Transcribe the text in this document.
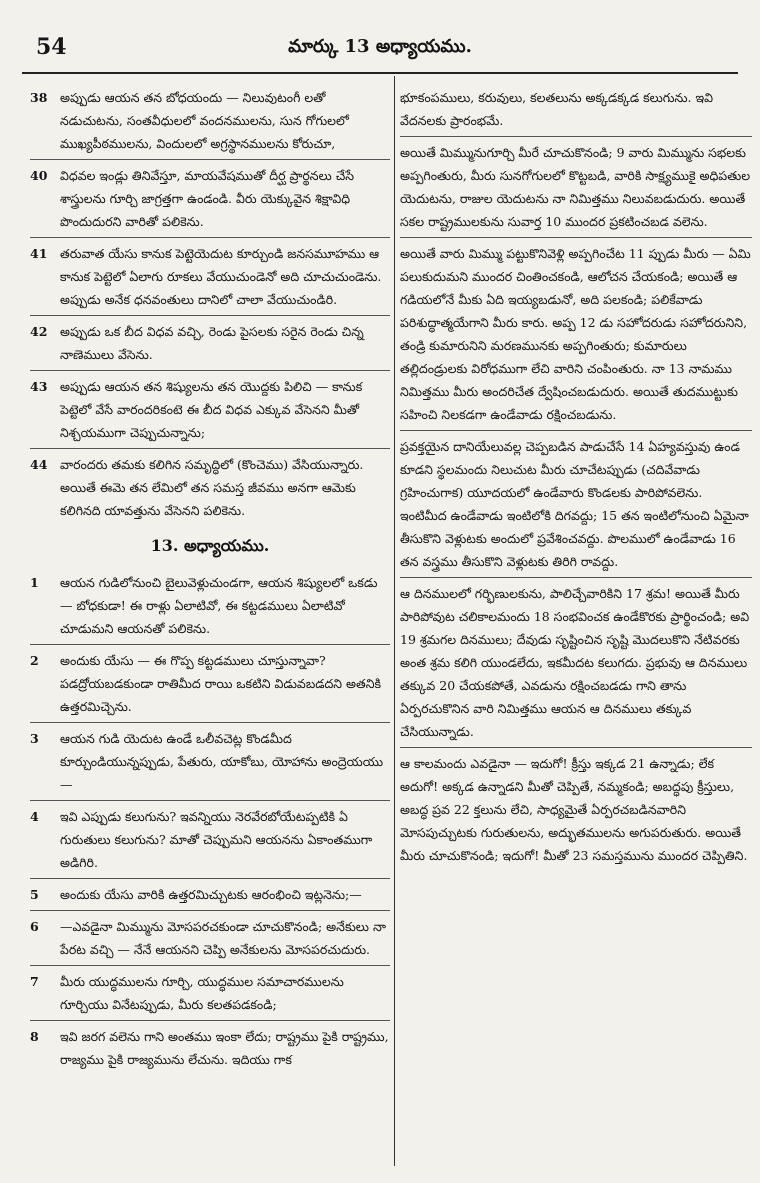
54	మార్కు 13 అధ్యాయము.
38	అప్పుడు ఆయన తన బోధయందు — నిలువుటంగీ లతో నడుచుటను, సంతవీధులలో వందనములను, సున గోగులలో ముఖ్యపీఠములను, విందులలో అగ్రస్థానములను కోరుచూ,
40	విధవల ఇండ్లు తినివేస్తూ, మాయవేషముతో దీర్ఘ ప్రార్థనలు చేసే శాస్త్రులను గూర్చి జాగ్రత్తగా ఉండండి. వీరు యెక్కువైన శిక్షావిధి పొందుదురని వారితో పలికెను.
41	తరువాత యేసు కానుక పెట్టెయెదుట కూర్చుండి జనసమూహము ఆ కానుక పెట్టెలో ఏలాగు రూకలు వేయుచుండెనో అది చూచుచుండెను. అప్పుడు అనేక ధనవంతులు దానిలో చాలా వేయుచుండిరి.
42	అప్పుడు ఒక బీద విధవ వచ్చి, రెండు పైసలకు సరైన రెండు చిన్న నాణెములు వేసెను.
43	అప్పుడు ఆయన తన శిష్యులను తన యొద్దకు పిలిచి — కానుక పెట్టెలో వేసే వారందరికంటె ఈ బీద విధవ ఎక్కువ వేసెనని మీతో నిశ్చయముగా చెప్పుచున్నాను;
44	వారందరు తమకు కలిగిన సమృద్ధిలో (కొంచెము) వేసియున్నారు. అయితే ఈమె తన లేమిలో తన సమస్త జీవము అనగా ఆమెకు కలిగినది యావత్తును వేసెనని పలికెను.
13. అధ్యాయము.
1	ఆయన గుడిలోనుంచి బైలువెళ్లుచుండగా, ఆయన శిష్యులలో ఒకడు — బోధకుడా! ఈ రాళ్లు ఏలాటివో, ఈ కట్టడములు ఏలాటివో చూడుమని ఆయనతో పలికెను.
2	అందుకు యేసు — ఈ గొప్ప కట్టడములు చూస్తున్నావా? పడద్రోయబడకుండా రాతిమీద రాయి ఒకటిని విడువబడదని అతనికి ఉత్తరమిచ్చెను.
3	ఆయన గుడి యెదుట ఉండే ఒలీవచెట్ల కొండమీద కూర్చుండియున్నప్పుడు, పేతురు, యాకోబు, యోహాను అంద్రెయయు —
4	ఇవి ఎప్పుడు కలుగును? ఇవన్నియు నెరవేరబోయేటప్పటికి ఏ గురుతులు కలుగును? మాతో చెప్పుమని ఆయనను ఏకాంతముగా అడిగిరి.
5	అందుకు యేసు వారికి ఉత్తరమిచ్చుటకు ఆరంభించి ఇట్లనెను;—
6	—ఎవడైనా మిమ్మును మోసపరచకుండా చూచుకొనండి; అనేకులు నా పేరట వచ్చి — నేనే ఆయనని చెప్పి అనేకులను మోసపరచుదురు.
7	మీరు యుద్ధములను గూర్చి, యుద్ధముల సమాచారములను గూర్చియు వినేటప్పుడు, మీరు కలతపడకండి;
8	ఇవి జరగ వలెను గాని అంతము ఇంకా లేదు; రాష్ట్రము పైకి రాష్ట్రము, రాజ్యము పైకి రాజ్యమును లేచును. ఇదియు గాక
భూకంపములు, కరువులు, కలతలును అక్కడక్కడ కలుగును. ఇవి వేదనలకు ప్రారంభమే.
అయితే మిమ్మునుగూర్చి మీరే చూచుకొనండి; 9 వారు మిమ్మును సభలకు అప్పగింతురు, మీరు సునగోగులలో కొట్టబడి, వారికి సాక్ష్యముకై అధిపతుల యెదుటను, రాజుల యెదుటను నా నిమిత్తము నిలువబడుదురు. అయితే సకల రాష్ట్రములకును సువార్త 10 ముందర ప్రకటించబడ వలెను.
అయితే వారు మిమ్ము పట్టుకొనివెళ్లి అప్పగించేట 11 ప్పుడు మీరు — ఏమి పలుకుదుమని ముందర చింతించకండి, ఆలోచన చేయకండి; అయితే ఆ గడియలోనే మీకు ఏది ఇయ్యబడునో, అది పలకండి; పలికేవాడు పరిశుద్ధాత్మయేగాని మీరు కారు. అప్ప 12 డు సహోదరుడు సహోదరునిని, తండ్రి కుమారునిని మరణమునకు అప్పగింతురు; కుమారులు తల్లిదండ్రులకు విరోధముగా లేచి వారిని చంపింతురు. నా 13 నామము నిమిత్తము మీరు అందరిచేత ద్వేషించబడుదురు. అయితే తుదముట్టుకు సహించి నిలకడగా ఉండేవాడు రక్షించబడును.
ప్రవక్తయైన దానియేలువల్ల చెప్పబడిన పాడుచేసే 14 ఏహ్యవస్తువు ఉండ కూడని స్థలమందు నిలుచుట మీరు చూచేటప్పుడు (చదివేవాడు గ్రహించుగాక) యూదయలో ఉండేవారు కొండలకు పారిపోవలెను. ఇంటిమీద ఉండేవాడు ఇంటిలోకి దిగవద్దు; 15 తన ఇంటిలోనుంచి ఏమైనా తీసుకొని వెళ్లుటకు అందులో ప్రవేశించవద్దు. పొలములో ఉండేవాడు 16 తన వస్త్రము తీసుకొని వెళ్లుటకు తిరిగి రావద్దు.
ఆ దినములలో గర్భిణులకును, పాలిచ్చేవారికిని 17 శ్రమ! అయితే మీరు పారిపోవుట చలికాలమందు 18 సంభవించక ఉండేకొరకు ప్రార్థించండి; అవి 19 శ్రమగల దినములు; దేవుడు సృష్టించిన సృష్టి మొదలుకొని నేటివరకు అంత శ్రమ కలిగి యుండలేదు, ఇకమీదట కలుగదు. ప్రభువు ఆ దినములు తక్కువ 20 చేయకపోతే, ఎవడును రక్షించబడడు గాని తాను ఏర్పరచుకొనిన వారి నిమిత్తము ఆయన ఆ దినములు తక్కువ చేసియున్నాడు.
ఆ కాలమందు ఎవడైనా — ఇదుగో! క్రీస్తు ఇక్కడ 21 ఉన్నాడు; లేక అదుగో! అక్కడ ఉన్నాడని మీతో చెప్పితే, నమ్మకండి; అబద్ధపు క్రీస్తులు, అబద్ధ ప్రవ 22 క్తలును లేచి, సాధ్యమైతే ఏర్పరచబడినవారిని మోసపుచ్చుటకు గురుతులను, అద్భుతములను అగుపరుతురు. అయితే మీరు చూచుకొనండి; ఇదుగో! మీతో 23 సమస్తమును ముందర చెప్పితిని.
